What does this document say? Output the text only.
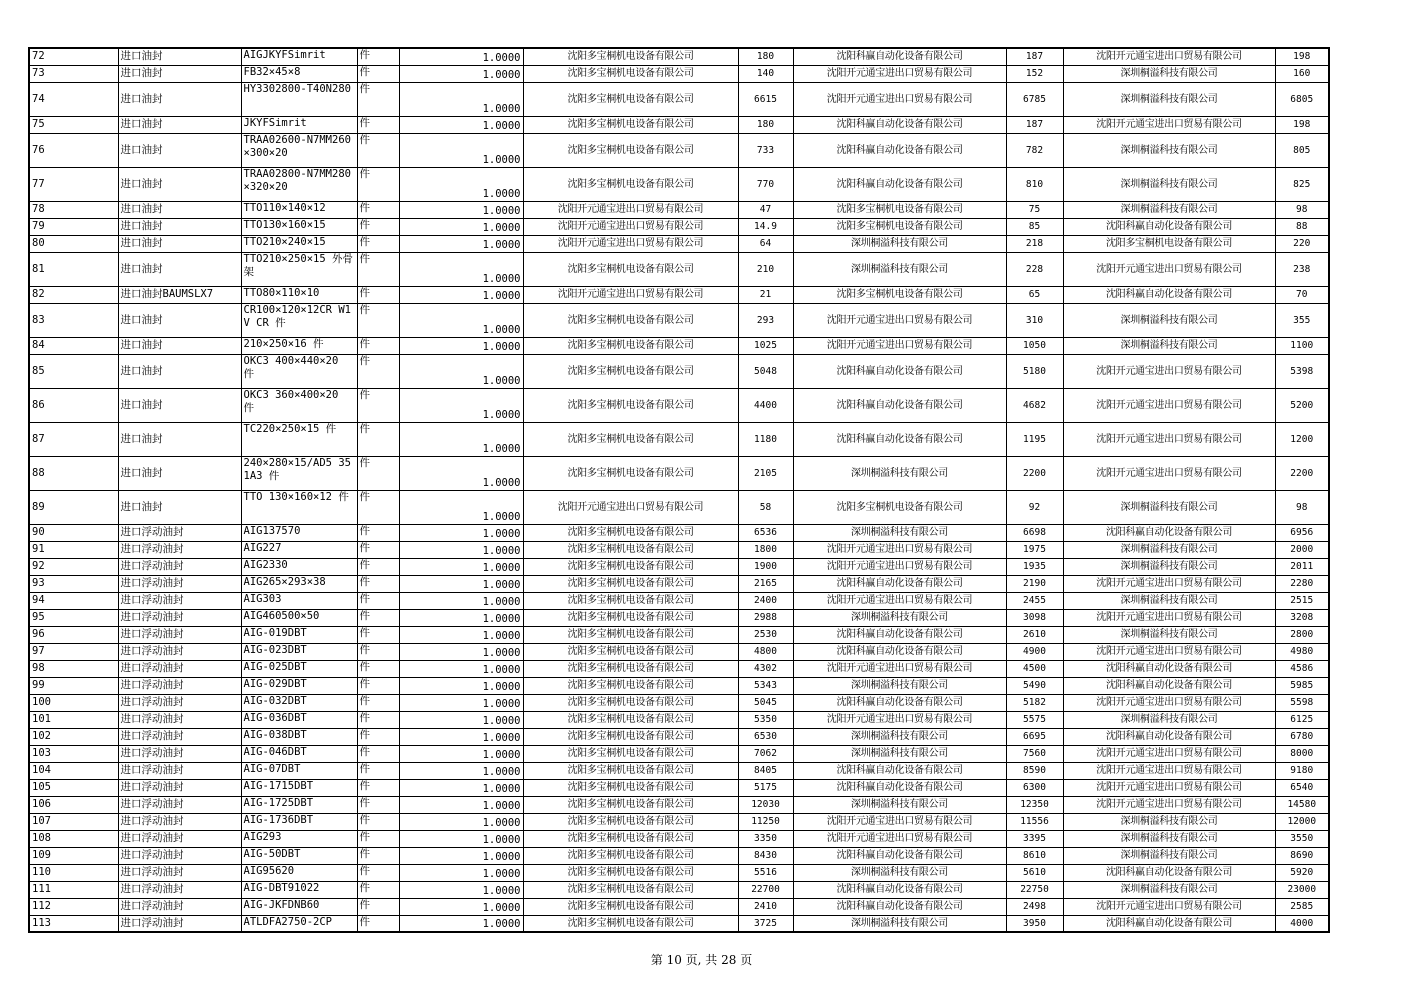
72	进口油封	AIGJKYFSimrit	件	1.0000	沈阳多宝桐机电设备有限公司	180	沈阳科赢自动化设备有限公司	187	沈阳开元通宝进出口贸易有限公司	198
73	进口油封	FB32×45×8	件	1.0000	沈阳多宝桐机电设备有限公司	140	沈阳开元通宝进出口贸易有限公司	152	深圳桐溢科技有限公司	160
74	进口油封	HY3302800-T40N280	件	1.0000	沈阳多宝桐机电设备有限公司	6615	沈阳开元通宝进出口贸易有限公司	6785	深圳桐溢科技有限公司	6805
75	进口油封	JKYFSimrit	件	1.0000	沈阳多宝桐机电设备有限公司	180	沈阳科赢自动化设备有限公司	187	沈阳开元通宝进出口贸易有限公司	198
76	进口油封	TRAA02600-N7MM260×300×20	件	1.0000	沈阳多宝桐机电设备有限公司	733	沈阳科赢自动化设备有限公司	782	深圳桐溢科技有限公司	805
77	进口油封	TRAA02800-N7MM280×320×20	件	1.0000	沈阳多宝桐机电设备有限公司	770	沈阳科赢自动化设备有限公司	810	深圳桐溢科技有限公司	825
78	进口油封	TTO110×140×12	件	1.0000	沈阳开元通宝进出口贸易有限公司	47	沈阳多宝桐机电设备有限公司	75	深圳桐溢科技有限公司	98
79	进口油封	TTO130×160×15	件	1.0000	沈阳开元通宝进出口贸易有限公司	14.9	沈阳多宝桐机电设备有限公司	85	沈阳科赢自动化设备有限公司	88
80	进口油封	TTO210×240×15	件	1.0000	沈阳开元通宝进出口贸易有限公司	64	深圳桐溢科技有限公司	218	沈阳多宝桐机电设备有限公司	220
81	进口油封	TTO210×250×15 外骨架	件	1.0000	沈阳多宝桐机电设备有限公司	210	深圳桐溢科技有限公司	228	沈阳开元通宝进出口贸易有限公司	238
82	进口油封BAUMSLX7	TTO80×110×10	件	1.0000	沈阳开元通宝进出口贸易有限公司	21	沈阳多宝桐机电设备有限公司	65	沈阳科赢自动化设备有限公司	70
83	进口油封	CR100×120×12CR W1V CR 件	件	1.0000	沈阳多宝桐机电设备有限公司	293	沈阳开元通宝进出口贸易有限公司	310	深圳桐溢科技有限公司	355
84	进口油封	210×250×16 件	件	1.0000	沈阳多宝桐机电设备有限公司	1025	沈阳开元通宝进出口贸易有限公司	1050	深圳桐溢科技有限公司	1100
85	进口油封	OKC3 400×440×20 件	件	1.0000	沈阳多宝桐机电设备有限公司	5048	沈阳科赢自动化设备有限公司	5180	沈阳开元通宝进出口贸易有限公司	5398
86	进口油封	OKC3 360×400×20 件	件	1.0000	沈阳多宝桐机电设备有限公司	4400	沈阳科赢自动化设备有限公司	4682	沈阳开元通宝进出口贸易有限公司	5200
87	进口油封	TC220×250×15 件	件	1.0000	沈阳多宝桐机电设备有限公司	1180	沈阳科赢自动化设备有限公司	1195	沈阳开元通宝进出口贸易有限公司	1200
88	进口油封	240×280×15/AD5 351A3 件	件	1.0000	沈阳多宝桐机电设备有限公司	2105	深圳桐溢科技有限公司	2200	沈阳开元通宝进出口贸易有限公司	2200
89	进口油封	TTO 130×160×12 件	件	1.0000	沈阳开元通宝进出口贸易有限公司	58	沈阳多宝桐机电设备有限公司	92	深圳桐溢科技有限公司	98
90	进口浮动油封	AIG137570	件	1.0000	沈阳多宝桐机电设备有限公司	6536	深圳桐溢科技有限公司	6698	沈阳科赢自动化设备有限公司	6956
91	进口浮动油封	AIG227	件	1.0000	沈阳多宝桐机电设备有限公司	1800	沈阳开元通宝进出口贸易有限公司	1975	深圳桐溢科技有限公司	2000
92	进口浮动油封	AIG2330	件	1.0000	沈阳多宝桐机电设备有限公司	1900	沈阳开元通宝进出口贸易有限公司	1935	深圳桐溢科技有限公司	2011
93	进口浮动油封	AIG265×293×38	件	1.0000	沈阳多宝桐机电设备有限公司	2165	沈阳科赢自动化设备有限公司	2190	沈阳开元通宝进出口贸易有限公司	2280
94	进口浮动油封	AIG303	件	1.0000	沈阳多宝桐机电设备有限公司	2400	沈阳开元通宝进出口贸易有限公司	2455	深圳桐溢科技有限公司	2515
95	进口浮动油封	AIG460500×50	件	1.0000	沈阳多宝桐机电设备有限公司	2988	深圳桐溢科技有限公司	3098	沈阳开元通宝进出口贸易有限公司	3208
96	进口浮动油封	AIG-019DBT	件	1.0000	沈阳多宝桐机电设备有限公司	2530	沈阳科赢自动化设备有限公司	2610	深圳桐溢科技有限公司	2800
97	进口浮动油封	AIG-023DBT	件	1.0000	沈阳多宝桐机电设备有限公司	4800	沈阳科赢自动化设备有限公司	4900	沈阳开元通宝进出口贸易有限公司	4980
98	进口浮动油封	AIG-025DBT	件	1.0000	沈阳多宝桐机电设备有限公司	4302	沈阳开元通宝进出口贸易有限公司	4500	沈阳科赢自动化设备有限公司	4586
99	进口浮动油封	AIG-029DBT	件	1.0000	沈阳多宝桐机电设备有限公司	5343	深圳桐溢科技有限公司	5490	沈阳科赢自动化设备有限公司	5985
100	进口浮动油封	AIG-032DBT	件	1.0000	沈阳多宝桐机电设备有限公司	5045	沈阳科赢自动化设备有限公司	5182	沈阳开元通宝进出口贸易有限公司	5598
101	进口浮动油封	AIG-036DBT	件	1.0000	沈阳多宝桐机电设备有限公司	5350	沈阳开元通宝进出口贸易有限公司	5575	深圳桐溢科技有限公司	6125
102	进口浮动油封	AIG-038DBT	件	1.0000	沈阳多宝桐机电设备有限公司	6530	深圳桐溢科技有限公司	6695	沈阳科赢自动化设备有限公司	6780
103	进口浮动油封	AIG-046DBT	件	1.0000	沈阳多宝桐机电设备有限公司	7062	深圳桐溢科技有限公司	7560	沈阳开元通宝进出口贸易有限公司	8000
104	进口浮动油封	AIG-07DBT	件	1.0000	沈阳多宝桐机电设备有限公司	8405	沈阳科赢自动化设备有限公司	8590	沈阳开元通宝进出口贸易有限公司	9180
105	进口浮动油封	AIG-1715DBT	件	1.0000	沈阳多宝桐机电设备有限公司	5175	沈阳科赢自动化设备有限公司	6300	沈阳开元通宝进出口贸易有限公司	6540
106	进口浮动油封	AIG-1725DBT	件	1.0000	沈阳多宝桐机电设备有限公司	12030	深圳桐溢科技有限公司	12350	沈阳开元通宝进出口贸易有限公司	14580
107	进口浮动油封	AIG-1736DBT	件	1.0000	沈阳多宝桐机电设备有限公司	11250	沈阳开元通宝进出口贸易有限公司	11556	深圳桐溢科技有限公司	12000
108	进口浮动油封	AIG293	件	1.0000	沈阳多宝桐机电设备有限公司	3350	沈阳开元通宝进出口贸易有限公司	3395	深圳桐溢科技有限公司	3550
109	进口浮动油封	AIG-50DBT	件	1.0000	沈阳多宝桐机电设备有限公司	8430	沈阳科赢自动化设备有限公司	8610	深圳桐溢科技有限公司	8690
110	进口浮动油封	AIG95620	件	1.0000	沈阳多宝桐机电设备有限公司	5516	深圳桐溢科技有限公司	5610	沈阳科赢自动化设备有限公司	5920
111	进口浮动油封	AIG-DBT91022	件	1.0000	沈阳多宝桐机电设备有限公司	22700	沈阳科赢自动化设备有限公司	22750	深圳桐溢科技有限公司	23000
112	进口浮动油封	AIG-JKFDNB60	件	1.0000	沈阳多宝桐机电设备有限公司	2410	沈阳科赢自动化设备有限公司	2498	沈阳开元通宝进出口贸易有限公司	2585
113	进口浮动油封	ATLDFA2750-2CP	件	1.0000	沈阳多宝桐机电设备有限公司	3725	深圳桐溢科技有限公司	3950	沈阳科赢自动化设备有限公司	4000
第 10 页, 共 28 页
